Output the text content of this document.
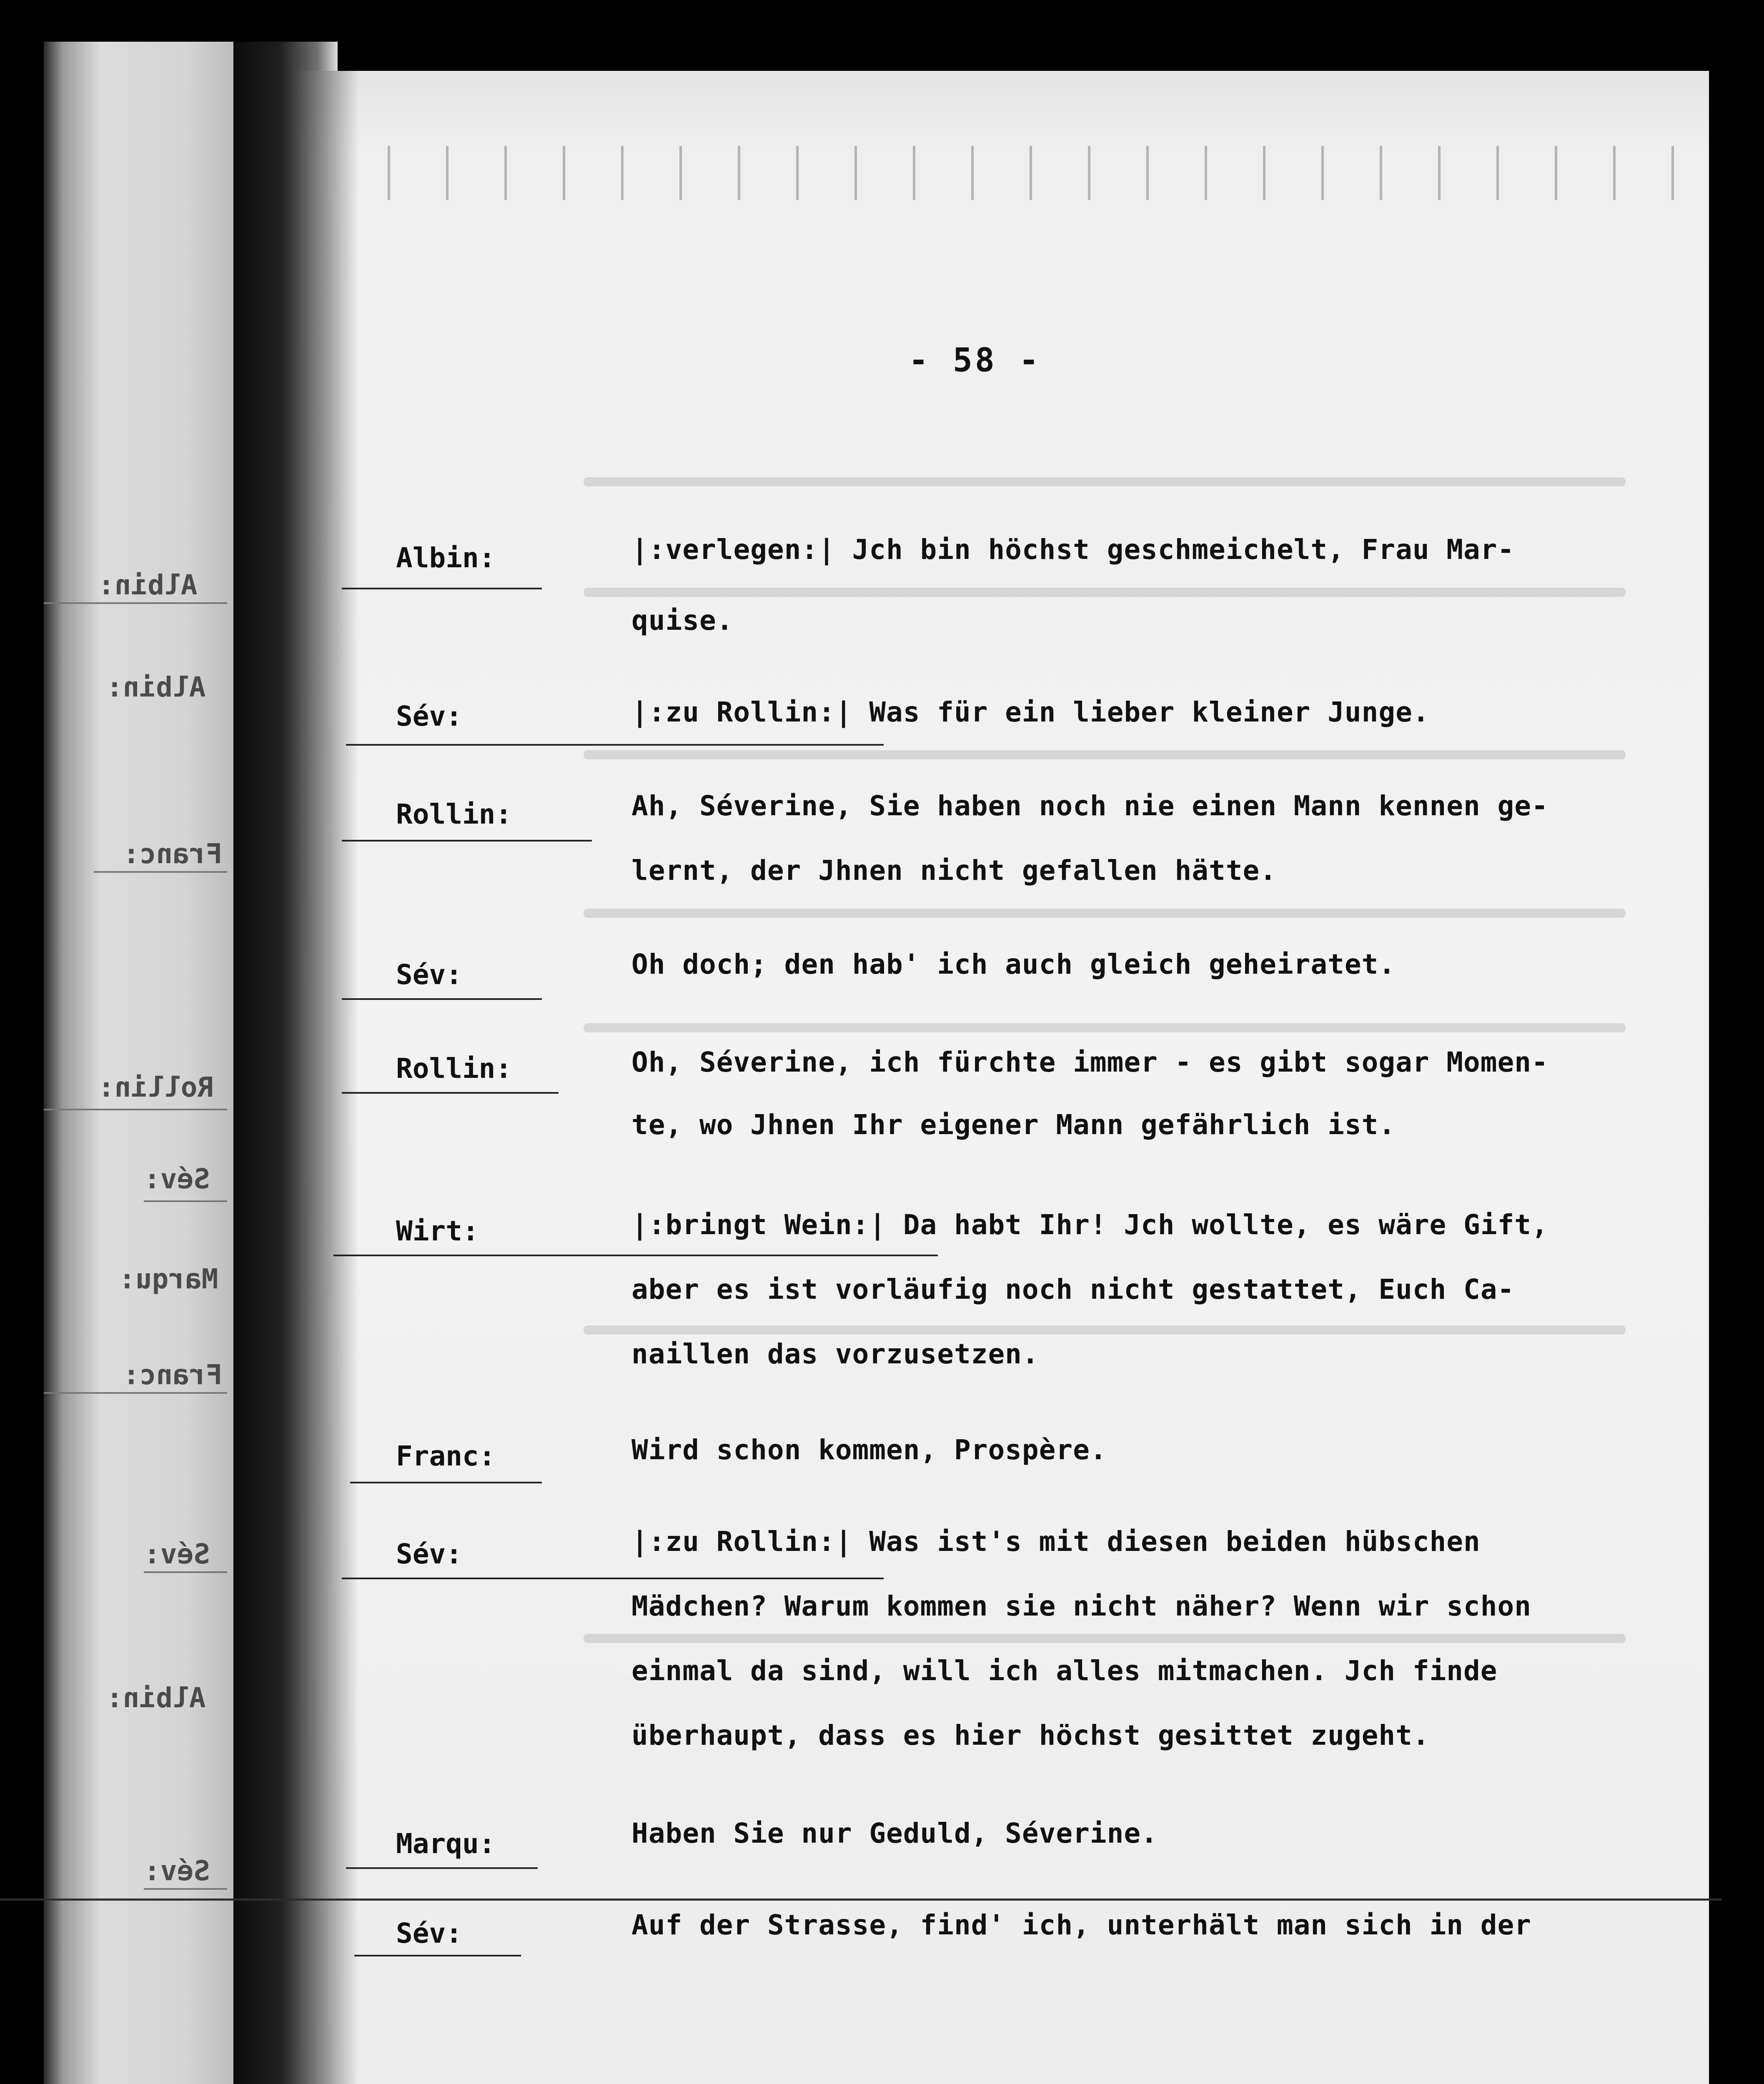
Albin:
Albin:
Franc:
Rollin:
Sév:
Marqu:
Franc:
Sév:
Albin:
Sév:
- 58 -
Albin:	|:verlegen:| Jch bin höchst geschmeichelt, Frau Mar-
quise.
Sév:	|:zu Rollin:| Was für ein lieber kleiner Junge.
Rollin:	Ah, Séverine, Sie haben noch nie einen Mann kennen ge-
lernt, der Jhnen nicht gefallen hätte.
Sév:	Oh doch; den hab' ich auch gleich geheiratet.
Rollin:	Oh, Séverine, ich fürchte immer - es gibt sogar Momen-
te, wo Jhnen Ihr eigener Mann gefährlich ist.
Wirt:	|:bringt Wein:| Da habt Ihr! Jch wollte, es wäre Gift,
aber es ist vorläufig noch nicht gestattet, Euch Ca-
naillen das vorzusetzen.
Franc:	Wird schon kommen, Prospère.
Sév:	|:zu Rollin:| Was ist's mit diesen beiden hübschen
Mädchen? Warum kommen sie nicht näher? Wenn wir schon
einmal da sind, will ich alles mitmachen. Jch finde
überhaupt, dass es hier höchst gesittet zugeht.
Marqu:	Haben Sie nur Geduld, Séverine.
Sév:	Auf der Strasse, find' ich, unterhält man sich in der
